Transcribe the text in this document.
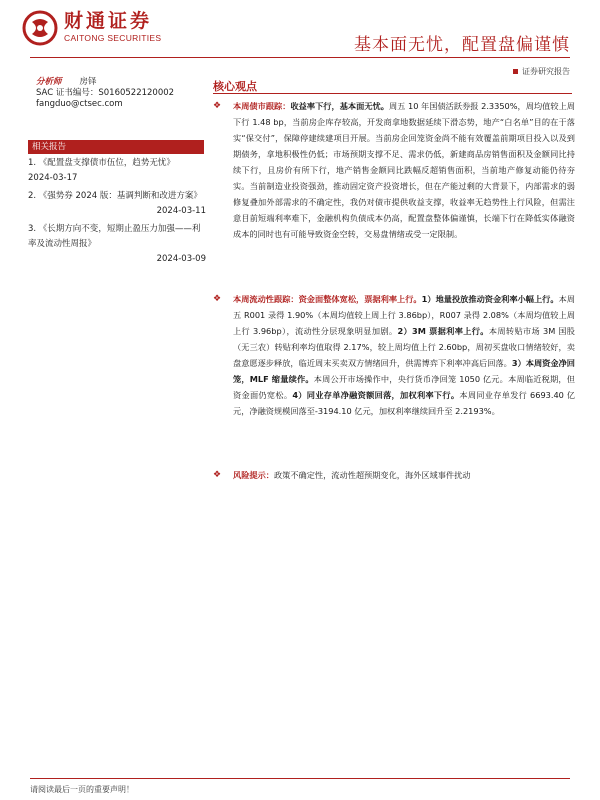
财通证券
CAITONG SECURITIES	基本面无忧，配置盘偏谨慎
证券研究报告
分析师 房铎
SAC 证书编号：S0160522120002
fangduo@ctsec.com
相关报告
1. 《配置盘支撑债市伍位，趋势无忧》
2024-03-17
2. 《强势券 2024 版：基调判断和改进方案》
2024-03-11
3. 《长期方向不变，短期止盈压力加强——利率及流动性周报》
2024-03-09
核心观点
❖ 本周债市跟踪：收益率下行，基本面无忧。周五 10 年国债活跃券报 2.3350%，周均值较上周下行 1.48 bp，当前房企库存较高，开发商拿地数据延续下滑态势，地产“白名单”目的在于落实“保交付”，保障停建续建项目开展。当前房企回笼资金尚不能有效覆盖前期项目投入以及到期债务，拿地积极性仍低；市场预期支撑不足、需求仍低，新建商品房销售面积及金额同比持续下行，且房价有所下行，地产销售金额同比跌幅反超销售面积，当前地产修复动能仍待夯实。当前制造业投资强劲，推动固定资产投资增长，但在产能过剩的大背景下，内部需求的弱修复叠加外部需求的不确定性，我仍对债市提供收益支撑，收益率无趋势性上行风险，但需注意目前短端利率难下，金融机构负债成本仍高，配置盘整体偏谨慎，长端下行在降低实体融资成本的同时也有可能导致资金空转，交易盘情绪或受一定限制。
❖ 本周流动性跟踪：资金面整体宽松，票据利率上行。1）地量投放推动资金利率小幅上行。本周五 R001 录得 1.90%（本周均值较上周上行 3.86bp），R007 录得 2.08%（本周均值较上周上行 3.96bp），流动性分层现象明显加剧。2）3M 票据利率上行。本周转贴市场 3M 国股（无三农）转贴利率均值取得 2.17%，较上周均值上行 2.60bp，周初买盘收口情绪较好，卖盘意愿逐步释放，临近周末买卖双方情绪回升，供需博弈下利率冲高后回落。3）本周资金净回笼，MLF 缩量续作。本周公开市场操作中，央行货币净回笼 1050 亿元。本周临近税期，但资金面仍宽松。4）同业存单净融资额回落，加权利率下行。本周同业存单发行 6693.40 亿元，净融资规模回落至-3194.10 亿元，加权利率继续回升至 2.2193%。
❖ 风险提示：政策不确定性，流动性超预期变化，海外区域事件扰动
请阅读最后一页的重要声明！
